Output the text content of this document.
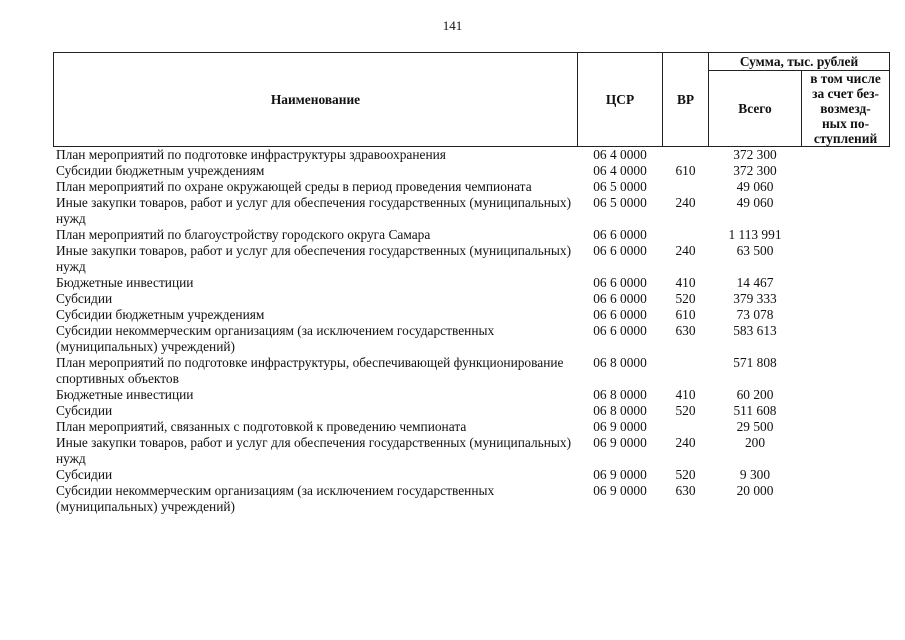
141
Наименование	ЦСР	ВР	Сумма, тыс. рублей	
			Всего	в том числе
за счет без-
возмезд-
ных по-
ступлений
План мероприятий по подготовке инфраструктуры здравоохранения	06 4 0000		372 300	
Субсидии бюджетным учреждениям	06 4 0000	610	372 300	
План мероприятий по охране окружающей среды в период проведения чемпионата	06 5 0000		49 060	
Иные закупки товаров, работ и услуг для обеспечения государственных (муниципальных) нужд	06 5 0000	240	49 060	
План мероприятий по благоустройству городского округа Самара	06 6 0000		1 113 991	
Иные закупки товаров, работ и услуг для обеспечения государственных (муниципальных) нужд	06 6 0000	240	63 500	
Бюджетные инвестиции	06 6 0000	410	14 467	
Субсидии	06 6 0000	520	379 333	
Субсидии бюджетным учреждениям	06 6 0000	610	73 078	
Субсидии некоммерческим организациям (за исключением государственных (муниципальных) учреждений)	06 6 0000	630	583 613	
План мероприятий по подготовке инфраструктуры, обеспечивающей функционирование спортивных объектов	06 8 0000		571 808	
Бюджетные инвестиции	06 8 0000	410	60 200	
Субсидии	06 8 0000	520	511 608	
План мероприятий, связанных с подготовкой к проведению чемпионата	06 9 0000		29 500	
Иные закупки товаров, работ и услуг для обеспечения государственных (муниципальных) нужд	06 9 0000	240	200	
Субсидии	06 9 0000	520	9 300	
Субсидии некоммерческим организациям (за исключением государственных (муниципальных) учреждений)	06 9 0000	630	20 000	
